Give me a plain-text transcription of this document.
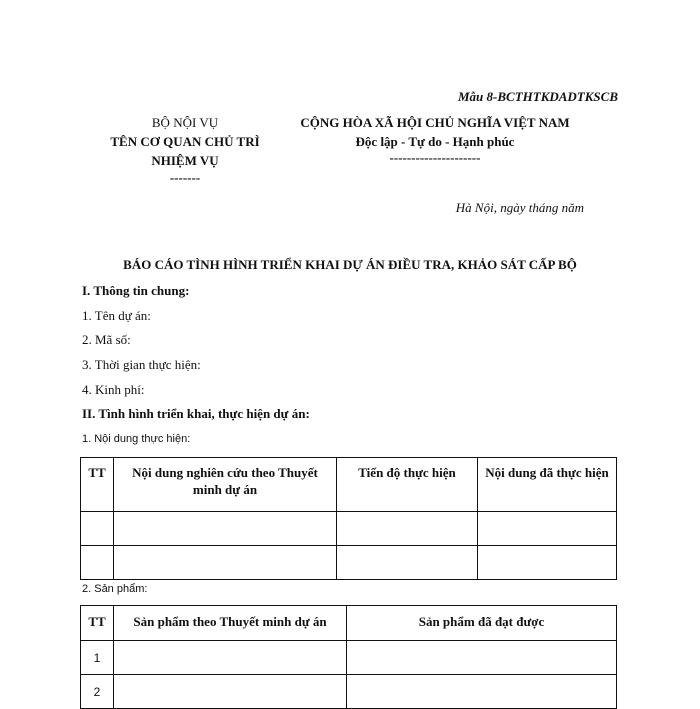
Mẫu 8-BCTHTKDADTKSCB
BỘ NỘI VỤ
TÊN CƠ QUAN CHỦ TRÌ
NHIỆM VỤ
-------
CỘNG HÒA XÃ HỘI CHỦ NGHĨA VIỆT NAM
Độc lập - Tự do - Hạnh phúc
---------------------
Hà Nội, ngày tháng năm
BÁO CÁO TÌNH HÌNH TRIỂN KHAI DỰ ÁN ĐIỀU TRA, KHẢO SÁT CẤP BỘ
I. Thông tin chung:
1. Tên dự án:
2. Mã số:
3. Thời gian thực hiện:
4. Kinh phí:
II. Tình hình triển khai, thực hiện dự án:
1. Nội dung thực hiện:
TT	Nội dung nghiên cứu theo Thuyết minh dự án	Tiến độ thực hiện	Nội dung đã thực hiện

2. Sản phẩm:
TT	Sản phẩm theo Thuyết minh dự án	Sản phẩm đã đạt được
1		
2		
